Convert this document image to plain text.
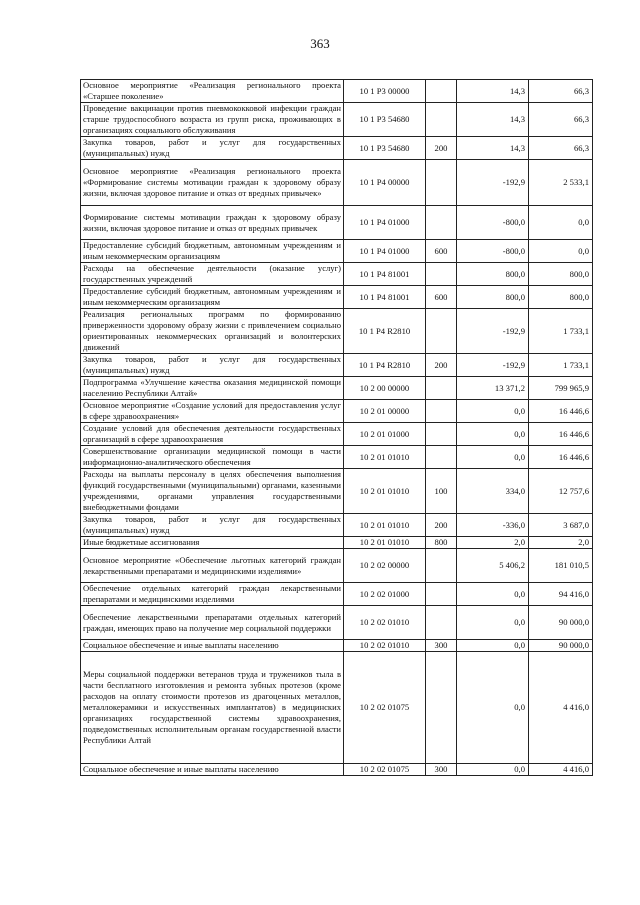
363
Основное мероприятие «Реализация регионального проекта «Старшее поколение»	10 1 P3 00000		14,3	66,3
Проведение вакцинации против пневмококковой инфекции граждан старше трудоспособного возраста из групп риска, проживающих в организациях социального обслуживания	10 1 P3 54680		14,3	66,3
Закупка товаров, работ и услуг для государственных (муниципальных) нужд	10 1 P3 54680	200	14,3	66,3
Основное мероприятие «Реализация регионального проекта «Формирование системы мотивации граждан к здоровому образу жизни, включая здоровое питание и отказ от вредных привычек»	10 1 P4 00000		-192,9	2 533,1
Формирование системы мотивации граждан к здоровому образу жизни, включая здоровое питание и отказ от вредных привычек	10 1 P4 01000		-800,0	0,0
Предоставление субсидий бюджетным, автономным учреждениям и иным некоммерческим организациям	10 1 P4 01000	600	-800,0	0,0
Расходы на обеспечение деятельности (оказание услуг) государственных учреждений	10 1 P4 81001		800,0	800,0
Предоставление субсидий бюджетным, автономным учреждениям и иным некоммерческим организациям	10 1 P4 81001	600	800,0	800,0
Реализация региональных программ по формированию приверженности здоровому образу жизни с привлечением социально ориентированных некоммерческих организаций и волонтерских движений	10 1 P4 R2810		-192,9	1 733,1
Закупка товаров, работ и услуг для государственных (муниципальных) нужд	10 1 P4 R2810	200	-192,9	1 733,1
Подпрограмма «Улучшение качества оказания медицинской помощи населению Республики Алтай»	10 2 00 00000		13 371,2	799 965,9
Основное мероприятие «Создание условий для предоставления услуг в сфере здравоохранения»	10 2 01 00000		0,0	16 446,6
Создание условий для обеспечения деятельности государственных организаций в сфере здравоохранения	10 2 01 01000		0,0	16 446,6
Совершенствование организации медицинской помощи в части информационно-аналитического обеспечения	10 2 01 01010		0,0	16 446,6
Расходы на выплаты персоналу в целях обеспечения выполнения функций государственными (муниципальными) органами, казенными учреждениями, органами управления государственными внебюджетными фондами	10 2 01 01010	100	334,0	12 757,6
Закупка товаров, работ и услуг для государственных (муниципальных) нужд	10 2 01 01010	200	-336,0	3 687,0
Иные бюджетные ассигнования	10 2 01 01010	800	2,0	2,0
Основное мероприятие «Обеспечение льготных категорий граждан лекарственными препаратами и медицинскими изделиями»	10 2 02 00000		5 406,2	181 010,5
Обеспечение отдельных категорий граждан лекарственными препаратами и медицинскими изделиями	10 2 02 01000		0,0	94 416,0
Обеспечение лекарственными препаратами отдельных категорий граждан, имеющих право на получение мер социальной поддержки	10 2 02 01010		0,0	90 000,0
Социальное обеспечение и иные выплаты населению	10 2 02 01010	300	0,0	90 000,0
Меры социальной поддержки ветеранов труда и тружеников тыла в части бесплатного изготовления и ремонта зубных протезов (кроме расходов на оплату стоимости протезов из драгоценных металлов, металлокерамики и искусственных имплантатов) в медицинских организациях государственной системы здравоохранения, подведомственных исполнительным органам государственной власти Республики Алтай	10 2 02 01075		0,0	4 416,0
Социальное обеспечение и иные выплаты населению	10 2 02 01075	300	0,0	4 416,0
